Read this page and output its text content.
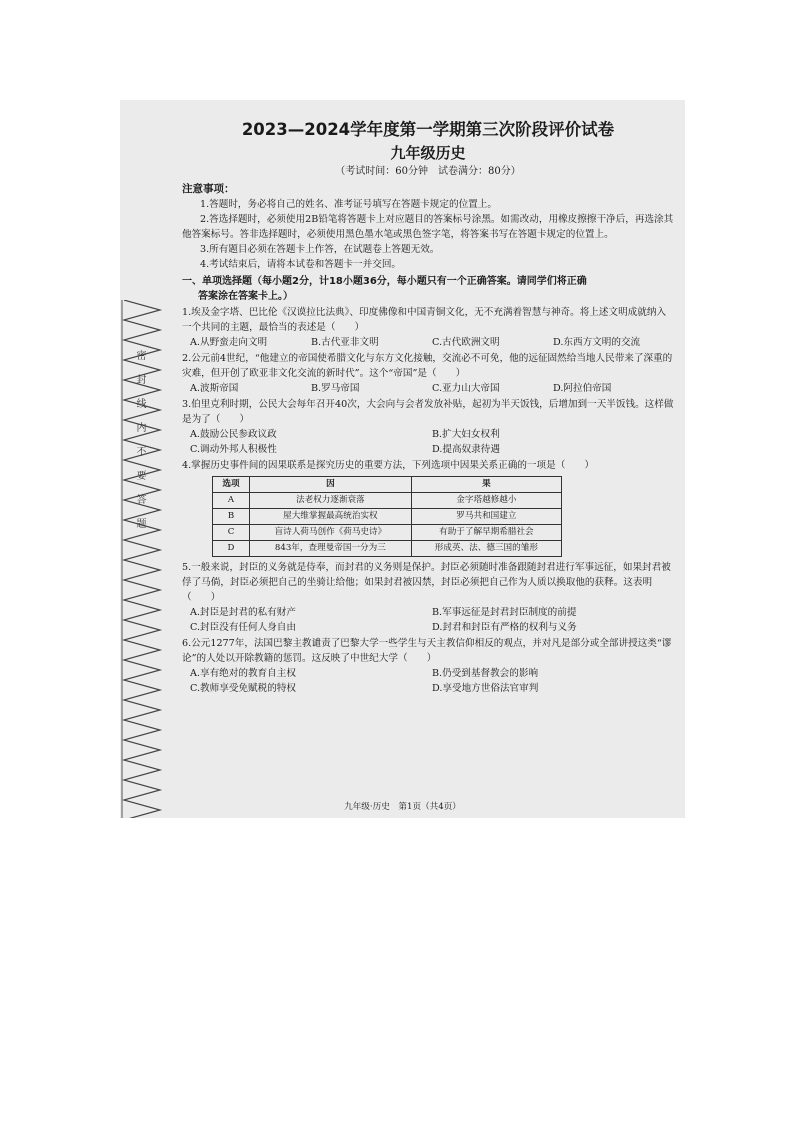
密封线内不要答题
2023—2024学年度第一学期第三次阶段评价试卷
九年级历史
（考试时间：60分钟　试卷满分：80分）
注意事项：
1.答题时，务必将自己的姓名、准考证号填写在答题卡规定的位置上。
2.答选择题时，必须使用2B铅笔将答题卡上对应题目的答案标号涂黑。如需改动，用橡皮擦擦干净后，再选涂其他答案标号。答非选择题时，必须使用黑色墨水笔或黑色签字笔，将答案书写在答题卡规定的位置上。
3.所有题目必须在答题卡上作答，在试题卷上答题无效。
4.考试结束后，请将本试卷和答题卡一并交回。
一、单项选择题（每小题2分，计18小题36分，每小题只有一个正确答案。请同学们将正确
答案涂在答案卡上。）
1.埃及金字塔、巴比伦《汉谟拉比法典》、印度佛像和中国青铜文化，无不充满着智慧与神奇。将上述文明成就纳入一个共同的主题，最恰当的表述是（　　）
A.从野蛮走向文明	B.古代亚非文明	C.古代欧洲文明	D.东西方文明的交流
2.公元前4世纪，“他建立的帝国使希腊文化与东方文化接触，交流必不可免，他的远征固然给当地人民带来了深重的灾难，但开创了欧亚非文化交流的新时代”。这个“帝国”是（　　）
A.波斯帝国	B.罗马帝国	C.亚力山大帝国	D.阿拉伯帝国
3.伯里克利时期，公民大会每年召开40次，大会向与会者发放补贴，起初为半天饭钱，后增加到一天半饭钱。这样做是为了（　　）
A.鼓励公民参政议政	B.扩大妇女权利
C.调动外邦人积极性	D.提高奴隶待遇
4.掌握历史事件间的因果联系是探究历史的重要方法，下列选项中因果关系正确的一项是（　　）
选项	因	果
A	法老权力逐渐衰落	金字塔越修越小
B	屋大维掌握最高统治实权	罗马共和国建立
C	盲诗人荷马创作《荷马史诗》	有助于了解早期希腊社会
D	843年，查理曼帝国一分为三	形成英、法、德三国的雏形
5.一般来说，封臣的义务就是侍奉，而封君的义务则是保护。封臣必须随时准备跟随封君进行军事远征，如果封君被俘了马倘，封臣必须把自己的坐骑让给他；如果封君被囚禁，封臣必须把自己作为人质以换取他的获释。这表明（　　）
A.封臣是封君的私有财产	B.军事远征是封君封臣制度的前提
C.封臣没有任何人身自由	D.封君和封臣有严格的权利与义务
6.公元1277年，法国巴黎主教谴责了巴黎大学一些学生与天主教信仰相反的观点，并对凡是部分或全部讲授这类“谬论”的人处以开除教籍的惩罚。这反映了中世纪大学（　　）
A.享有绝对的教育自主权	B.仍受到基督教会的影响
C.教师享受免赋税的特权	D.享受地方世俗法官审判
九年级·历史　第1页（共4页）
